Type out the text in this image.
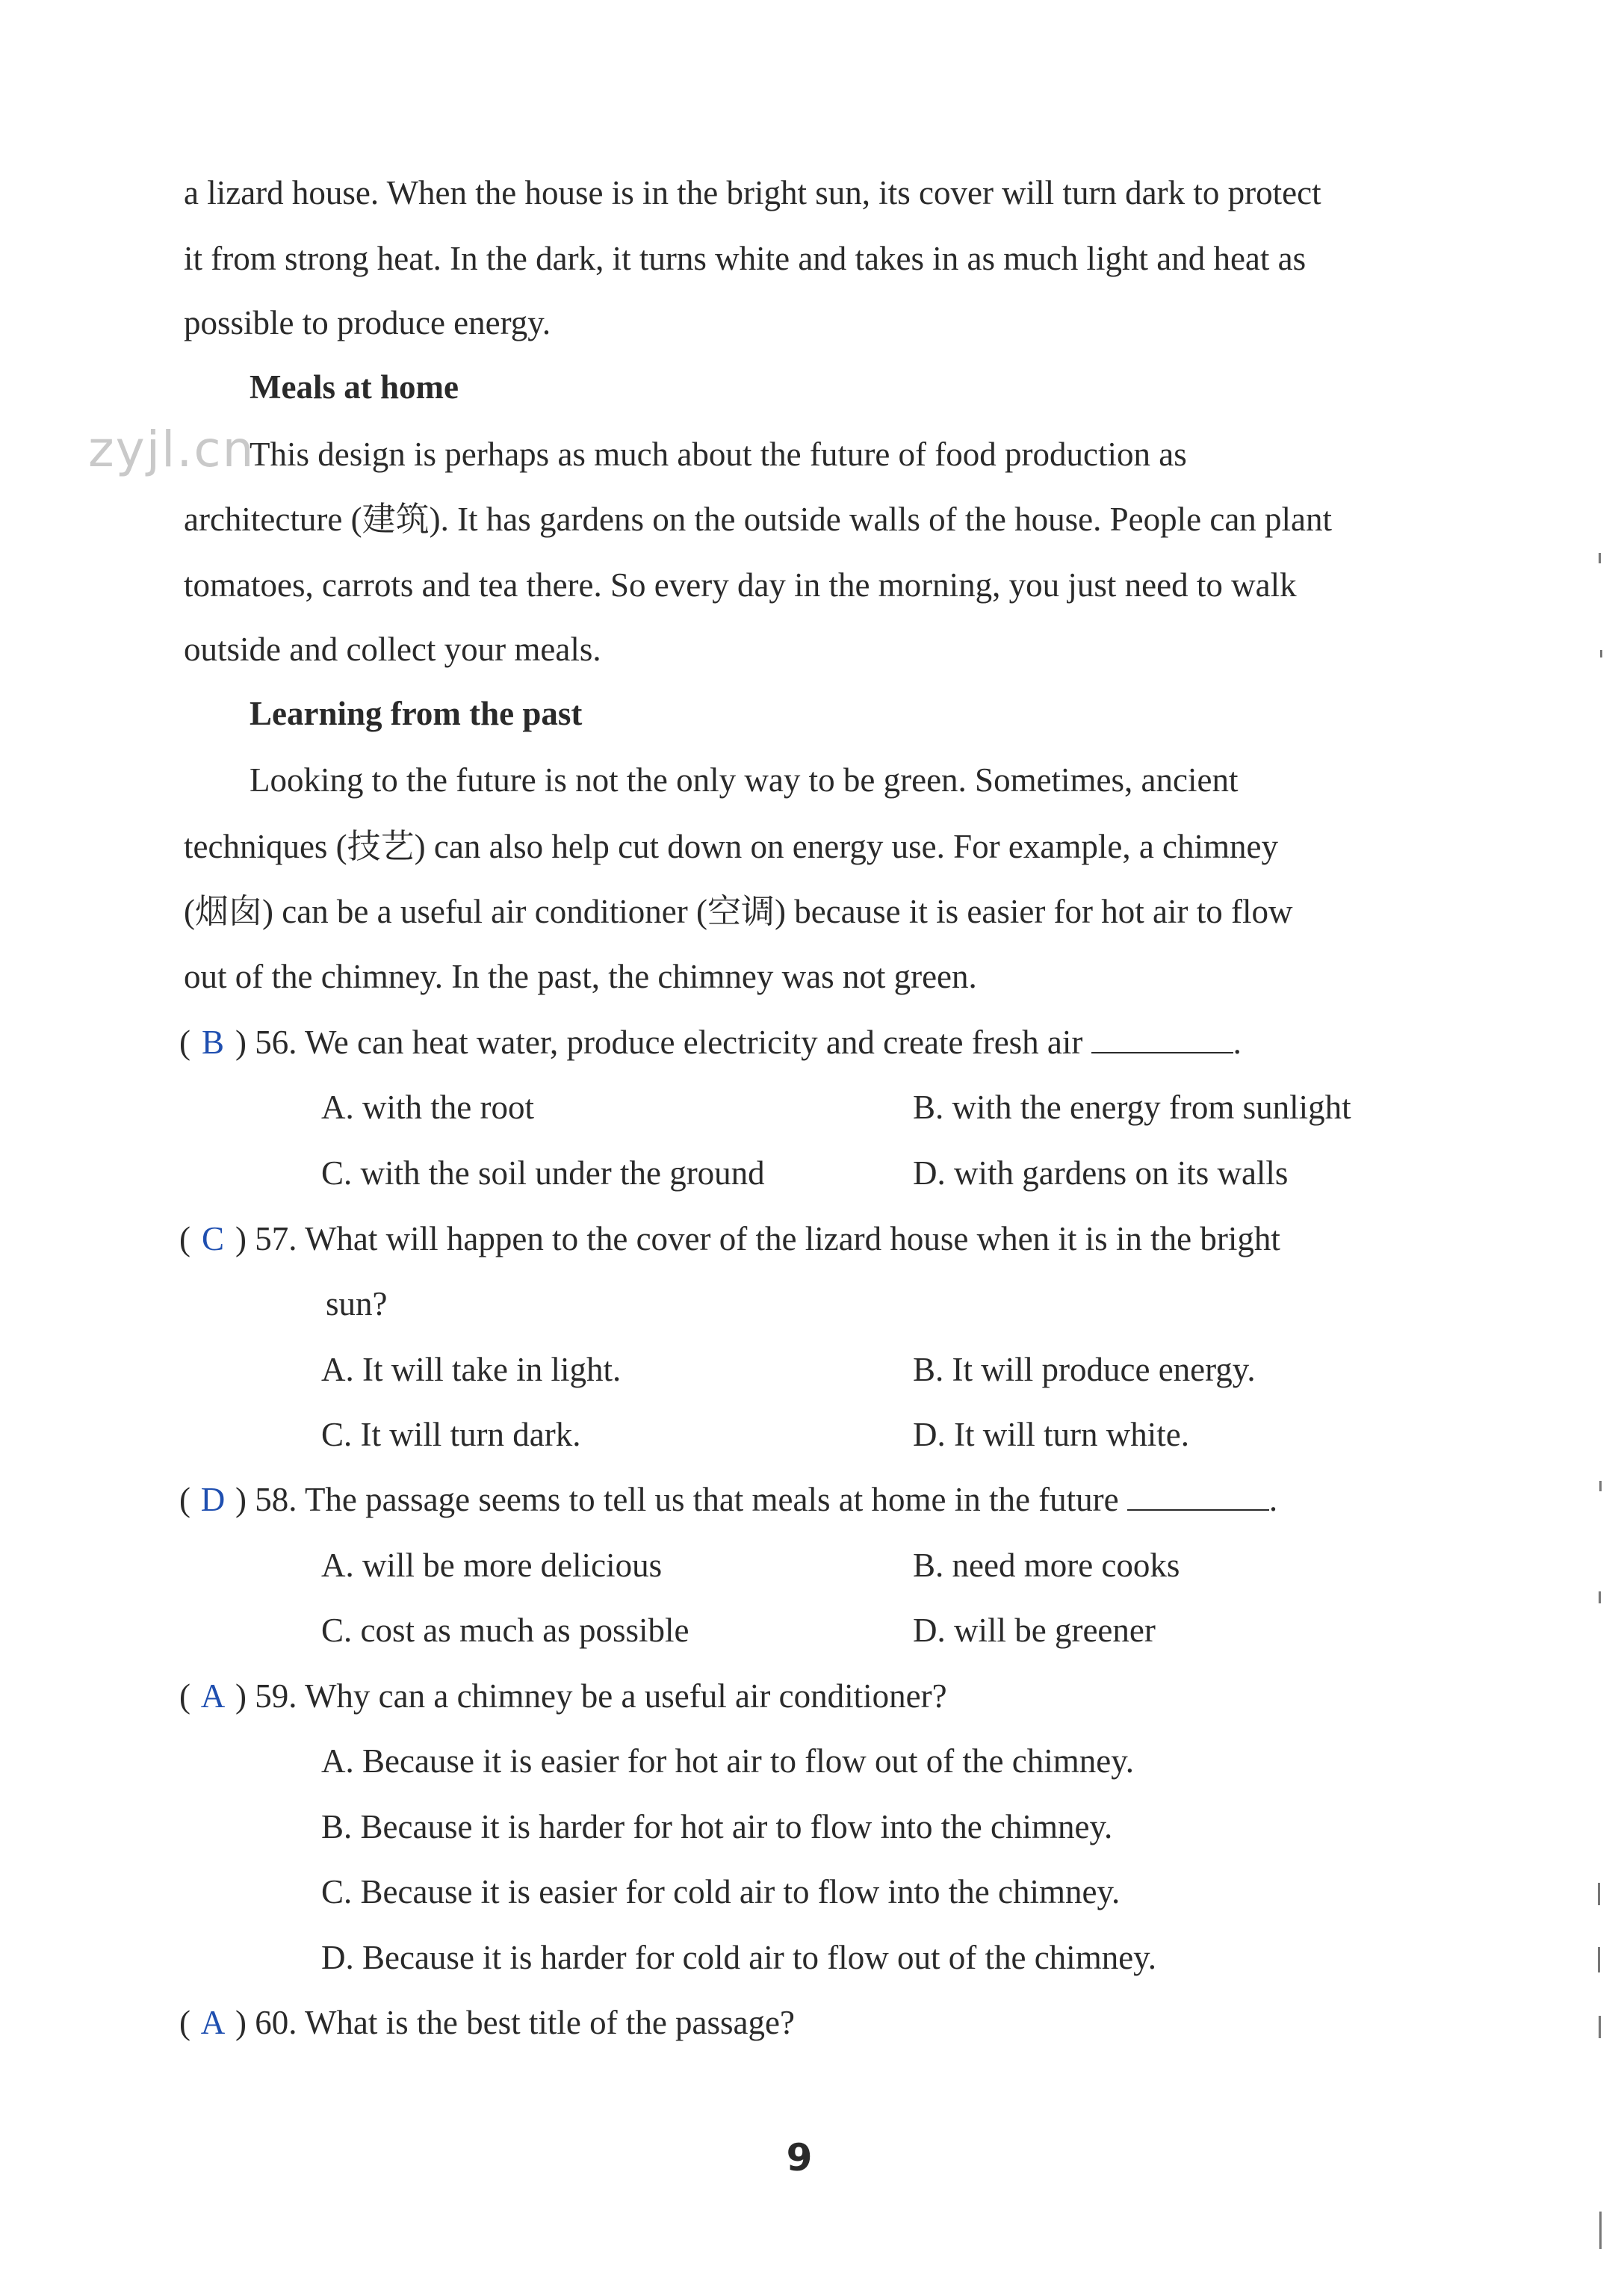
zyjl.cn
a lizard house. When the house is in the bright sun, its cover will turn dark to protect
it from strong heat. In the dark, it turns white and takes in as much light and heat as
possible to produce energy.
Meals at home
This design is perhaps as much about the future of food production as
architecture (建筑). It has gardens on the outside walls of the house. People can plant
tomatoes, carrots and tea there. So every day in the morning, you just need to walk
outside and collect your meals.
Learning from the past
Looking to the future is not the only way to be green. Sometimes, ancient
techniques (技艺) can also help cut down on energy use. For example, a chimney
(烟囱) can be a useful air conditioner (空调) because it is easier for hot air to flow
out of the chimney. In the past, the chimney was not green.
( B ) 56. We can heat water, produce electricity and create fresh air	.
A. with the root	B. with the energy from sunlight
C. with the soil under the ground	D. with gardens on its walls
( C ) 57. What will happen to the cover of the lizard house when it is in the bright
sun?
A. It will take in light.	B. It will produce energy.
C. It will turn dark.	D. It will turn white.
( D ) 58. The passage seems to tell us that meals at home in the future	.
A. will be more delicious	B. need more cooks
C. cost as much as possible	D. will be greener
( A ) 59. Why can a chimney be a useful air conditioner?
A. Because it is easier for hot air to flow out of the chimney.
B. Because it is harder for hot air to flow into the chimney.
C. Because it is easier for cold air to flow into the chimney.
D. Because it is harder for cold air to flow out of the chimney.
( A ) 60. What is the best title of the passage?
9
